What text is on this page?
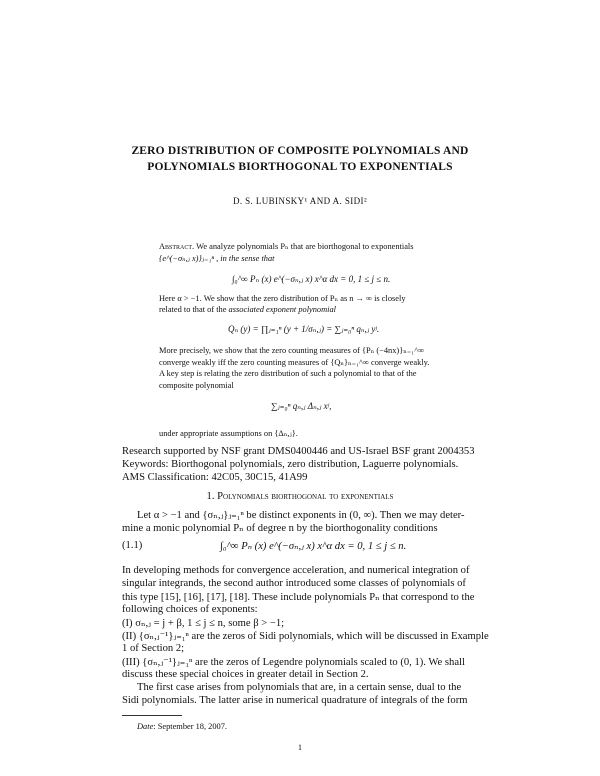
ZERO DISTRIBUTION OF COMPOSITE POLYNOMIALS AND
POLYNOMIALS BIORTHOGONAL TO EXPONENTIALS
D. S. LUBINSKY¹ AND A. SIDI²
Abstract. We analyze polynomials Pₙ that are biorthogonal to exponentials
{e^(−σₙ,ⱼ x)}ⱼ₌₁ⁿ , in the sense that
∫₀^∞ Pₙ (x) e^(−σₙ,ⱼ x) x^α dx = 0, 1 ≤ j ≤ n.
Here α > −1. We show that the zero distribution of Pₙ as n → ∞ is closely
related to that of the associated exponent polynomial
Qₙ (y) = ∏ⱼ₌₁ⁿ (y + 1/σₙ,ⱼ) = ∑ⱼ₌₀ⁿ qₙ,ⱼ yʲ.
More precisely, we show that the zero counting measures of {Pₙ (−4nx)}ₙ₌₁^∞
converge weakly iff the zero counting measures of {Qₙ}ₙ₌₁^∞ converge weakly.
A key step is relating the zero distribution of such a polynomial to that of the
composite polynomial
∑ⱼ₌₀ⁿ qₙ,ⱼ Δₙ,ⱼ xʲ,
under appropriate assumptions on {Δₙ,ⱼ}.
Research supported by NSF grant DMS0400446 and US-Israel BSF grant 2004353
Keywords: Biorthogonal polynomials, zero distribution, Laguerre polynomials.
AMS Classification: 42C05, 30C15, 41A99
1. Polynomials biorthogonal to exponentials
Let α > −1 and {σₙ,ⱼ}ⱼ₌₁ⁿ be distinct exponents in (0, ∞). Then we may deter-
mine a monic polynomial Pₙ of degree n by the biorthogonality conditions
(1.1)	∫₀^∞ Pₙ (x) e^(−σₙ,ⱼ x) x^α dx = 0, 1 ≤ j ≤ n.
In developing methods for convergence acceleration, and numerical integration of
singular integrands, the second author introduced some classes of polynomials of
this type [15], [16], [17], [18]. These include polynomials Pₙ that correspond to the
following choices of exponents:
(I) σₙ,ⱼ = j + β, 1 ≤ j ≤ n, some β > −1;
(II) {σₙ,ⱼ⁻¹}ⱼ₌₁ⁿ are the zeros of Sidi polynomials, which will be discussed in Example
1 of Section 2;
(III) {σₙ,ⱼ⁻¹}ⱼ₌₁ⁿ are the zeros of Legendre polynomials scaled to (0, 1). We shall
discuss these special choices in greater detail in Section 2.
The first case arises from polynomials that are, in a certain sense, dual to the
Sidi polynomials. The latter arise in numerical quadrature of integrals of the form
Date: September 18, 2007.
1
